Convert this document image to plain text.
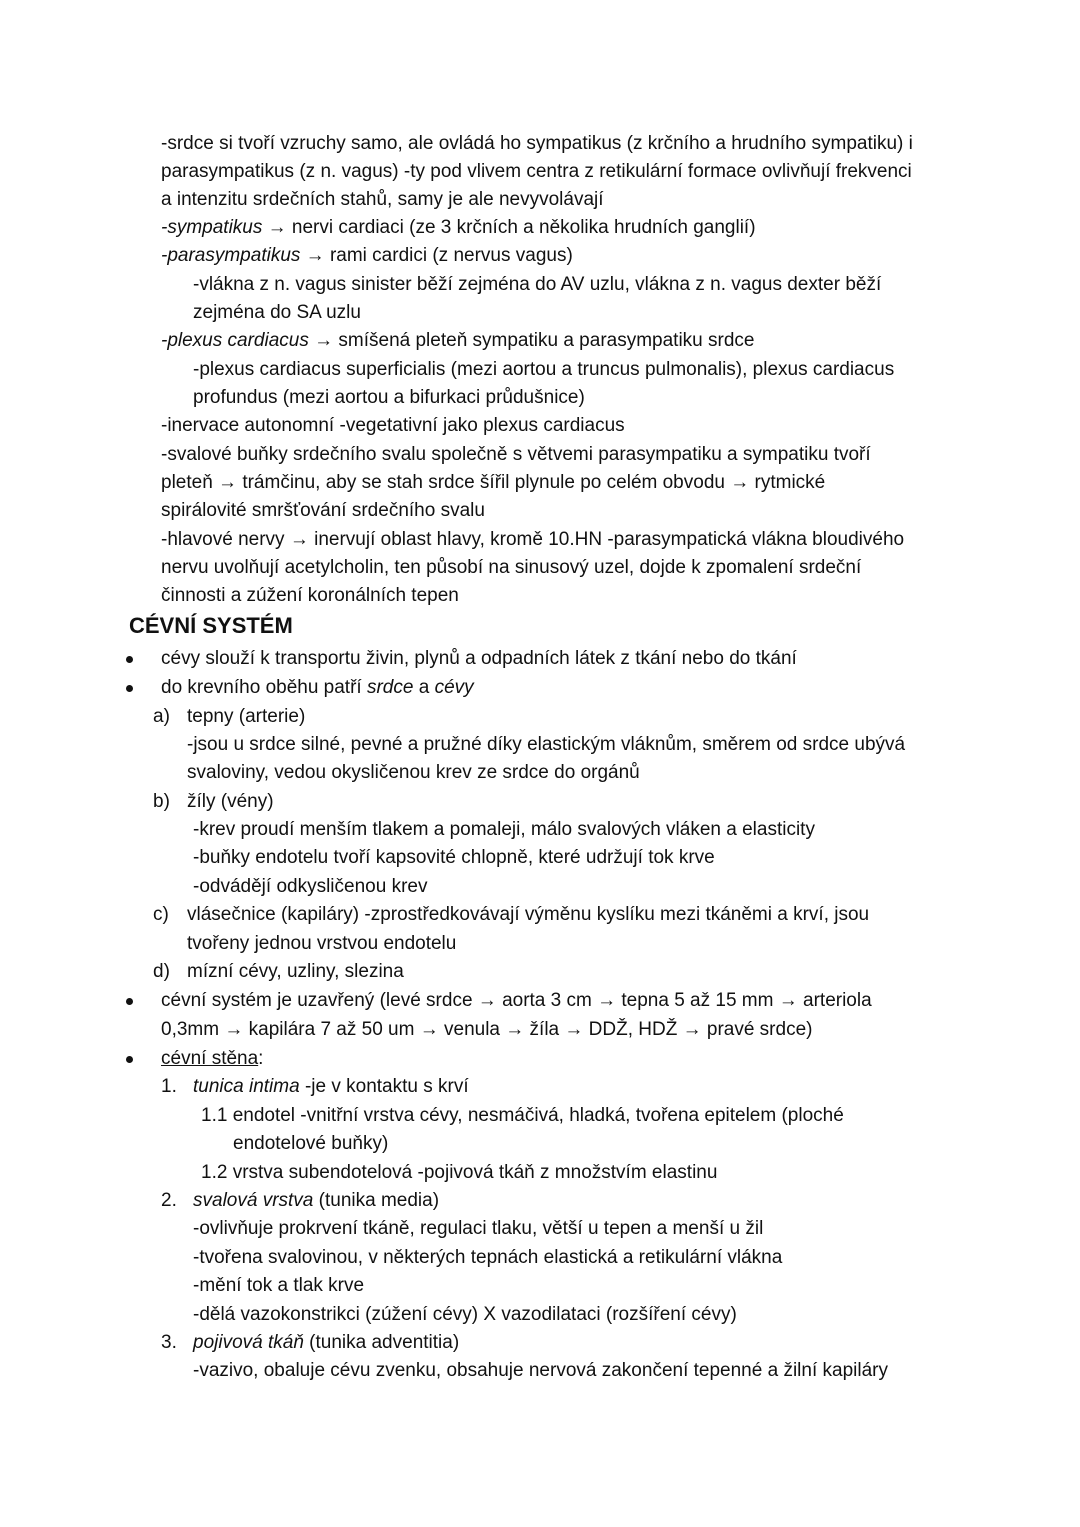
-srdce si tvoří vzruchy samo, ale ovládá ho sympatikus (z krčního a hrudního sympatiku) i
parasympatikus (z n. vagus) -ty pod vlivem centra z retikulární formace ovlivňují frekvenci
a intenzitu srdečních stahů, samy je ale nevyvolávají
-sympatikus → nervi cardiaci (ze 3 krčních a několika hrudních ganglií)
-parasympatikus → rami cardici (z nervus vagus)
-vlákna z n. vagus sinister běží zejména do AV uzlu, vlákna z n. vagus dexter běží
zejména do SA uzlu
-plexus cardiacus → smíšená pleteň sympatiku a parasympatiku srdce
-plexus cardiacus superficialis (mezi aortou a truncus pulmonalis), plexus cardiacus
profundus (mezi aortou a bifurkaci průdušnice)
-inervace autonomní -vegetativní jako plexus cardiacus
-svalové buňky srdečního svalu společně s větvemi parasympatiku a sympatiku tvoří
pleteň → trámčinu, aby se stah srdce šířil plynule po celém obvodu → rytmické
spirálovité smršťování srdečního svalu
-hlavové nervy → inervují oblast hlavy, kromě 10.HN -parasympatická vlákna bloudivého
nervu uvolňují acetylcholin, ten působí na sinusový uzel, dojde k zpomalení srdeční
činnosti a zúžení koronálních tepen
CÉVNÍ SYSTÉM
cévy slouží k transportu živin, plynů a odpadních látek z tkání nebo do tkání
do krevního oběhu patří srdce a cévy
a) tepny (arterie)
-jsou u srdce silné, pevné a pružné díky elastickým vláknům, směrem od srdce ubývá
svaloviny, vedou okysličenou krev ze srdce do orgánů
b) žíly (vény)
-krev proudí menším tlakem a pomaleji, málo svalových vláken a elasticity
-buňky endotelu tvoří kapsovité chlopně, které udržují tok krve
-odvádějí odkysličenou krev
c) vlásečnice (kapiláry) -zprostředkovávají výměnu kyslíku mezi tkáněmi a krví, jsou
tvořeny jednou vrstvou endotelu
d) mízní cévy, uzliny, slezina
cévní systém je uzavřený (levé srdce → aorta 3 cm → tepna 5 až 15 mm → arteriola
0,3mm → kapilára 7 až 50 um → venula → žíla → DDŽ, HDŽ → pravé srdce)
cévní stěna:
1. tunica intima -je v kontaktu s krví
1.1 endotel -vnitřní vrstva cévy, nesmáčivá, hladká, tvořena epitelem (ploché
endotelové buňky)
1.2 vrstva subendotelová -pojivová tkáň z množstvím elastinu
2. svalová vrstva (tunika media)
-ovlivňuje prokrvení tkáně, regulaci tlaku, větší u tepen a menší u žil
-tvořena svalovinou, v některých tepnách elastická a retikulární vlákna
-mění tok a tlak krve
-dělá vazokonstrikci (zúžení cévy) X vazodilataci (rozšíření cévy)
3. pojivová tkáň (tunika adventitia)
-vazivo, obaluje cévu zvenku, obsahuje nervová zakončení tepenné a žilní kapiláry
